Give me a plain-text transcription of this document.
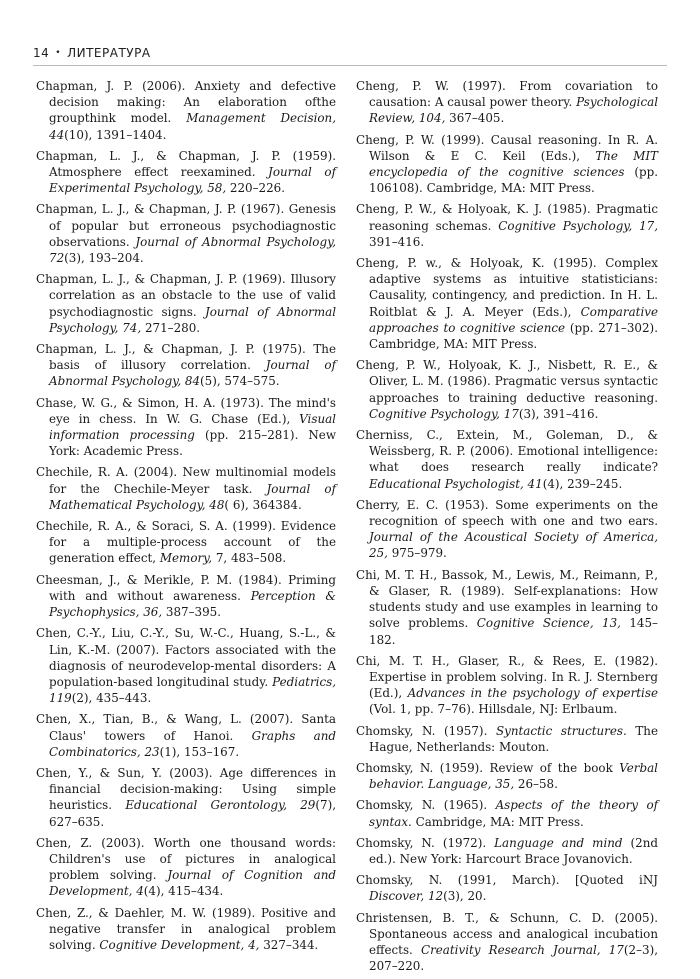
14 • ЛИТЕРАТУРА
Chapman, J. P. (2006). Anxiety and defective decision making: An elaboration ofthe groupthink model. Management Decision, 44(10), 1391–1404.
Chapman, L. J., & Chapman, J. P. (1959). Atmosphere effect reexamined. Journal of Experimental Psychology, 58, 220–226.
Chapman, L. J., & Chapman, J. P. (1967). Genesis of popular but erroneous psychodiagnostic observations. Journal of Abnormal Psychology, 72(3), 193–204.
Chapman, L. J., & Chapman, J. P. (1969). Illusory correlation as an obstacle to the use of valid psychodiagnostic signs. Journal of Abnormal Psychology, 74, 271–280.
Chapman, L. J., & Chapman, J. P. (1975). The basis of illusory correlation. Journal of Abnormal Psychology, 84(5), 574–575.
Chase, W. G., & Simon, H. A. (1973). The mind's eye in chess. In W. G. Chase (Ed.), Visual information processing (pp. 215–281). New York: Academic Press.
Chechile, R. A. (2004). New multinomial models for the Chechile-Meyer task. Journal of Mathematical Psychology, 48( 6), 364384.
Chechile, R. A., & Soraci, S. A. (1999). Evidence for a multiple-process account of the generation effect, Memory, 7, 483–508.
Cheesman, J., & Merikle, P. M. (1984). Priming with and without awareness. Perception & Psychophysics, 36, 387–395.
Chen, C.-Y., Liu, C.-Y., Su, W.-C., Huang, S.-L., & Lin, K.-M. (2007). Factors associated with the diagnosis of neurodevelop-mental disorders: A population-based longitudinal study. Pediatrics, 119(2), 435–443.
Chen, X., Tian, B., & Wang, L. (2007). Santa Claus' towers of Hanoi. Graphs and Combinatorics, 23(1), 153–167.
Chen, Y., & Sun, Y. (2003). Age differences in financial decision-making: Using simple heuristics. Educational Gerontology, 29(7), 627–635.
Chen, Z. (2003). Worth one thousand words: Children's use of pictures in analogical problem solving. Journal of Cognition and Development, 4(4), 415–434.
Chen, Z., & Daehler, M. W. (1989). Positive and negative transfer in analogical problem solving. Cognitive Development, 4, 327–344.
Cheng, P. W. (1997). From covariation to causation: A causal power theory. Psychological Review, 104, 367–405.
Cheng, P. W. (1999). Causal reasoning. In R. A. Wilson & E C. Keil (Eds.), The MIT encyclopedia of the cognitive sciences (pp. 106108). Cambridge, MA: MIT Press.
Cheng, P. W., & Holyoak, K. J. (1985). Pragmatic reasoning schemas. Cognitive Psychology, 17, 391–416.
Cheng, P. w., & Holyoak, K. (1995). Complex adaptive systems as intuitive statisticians: Causality, contingency, and prediction. In H. L. Roitblat & J. A. Meyer (Eds.), Comparative approaches to cognitive science (pp. 271–302). Cambridge, MA: MIT Press.
Cheng, P. W., Holyoak, K. J., Nisbett, R. E., & Oliver, L. M. (1986). Pragmatic versus syntactic approaches to training deductive reasoning. Cognitive Psychology, 17(3), 391–416.
Cherniss, C., Extein, M., Goleman, D., & Weissberg, R. P. (2006). Emotional intelligence: what does research really indicate? Educational Psychologist, 41(4), 239–245.
Cherry, E. C. (1953). Some experiments on the recognition of speech with one and two ears. Journal of the Acoustical Society of America, 25, 975–979.
Chi, M. T. H., Bassok, M., Lewis, M., Reimann, P., & Glaser, R. (1989). Self-explanations: How students study and use examples in learning to solve problems. Cognitive Science, 13, 145–182.
Chi, M. T. H., Glaser, R., & Rees, E. (1982). Expertise in problem solving. In R. J. Sternberg (Ed.), Advances in the psychology of expertise (Vol. 1, pp. 7–76). Hillsdale, NJ: Erlbaum.
Chomsky, N. (1957). Syntactic structures. The Hague, Netherlands: Mouton.
Chomsky, N. (1959). Review of the book Verbal behavior. Language, 35, 26–58.
Chomsky, N. (1965). Aspects of the theory of syntax. Cambridge, MA: MIT Press.
Chomsky, N. (1972). Language and mind (2nd ed.). New York: Harcourt Brace Jovanovich.
Chomsky, N. (1991, March). [Quoted iNJ Discover, 12(3), 20.
Christensen, B. T., & Schunn, C. D. (2005). Spontaneous access and analogical incubation effects. Creativity Research Journal, 17(2–3), 207–220.
